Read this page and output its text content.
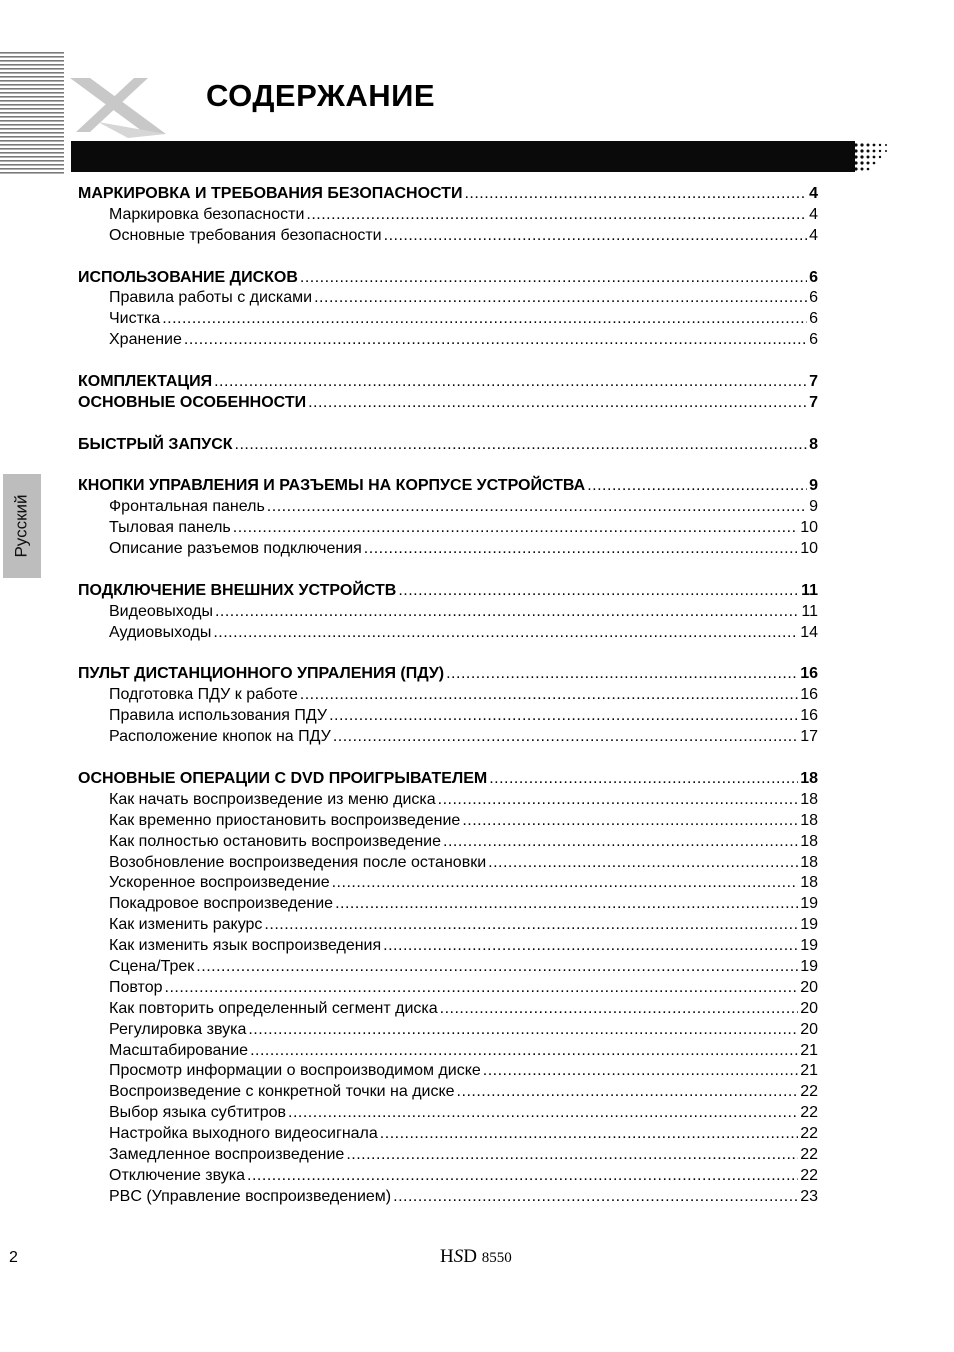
СОДЕРЖАНИЕ
Русский
МАРКИРОВКА И ТРЕБОВАНИЯ БЕЗОПАСНОСТИ .....	4
Маркировка безопасности .....	4
Основные требования безопасности .....	4
ИСПОЛЬЗОВАНИЕ ДИСКОВ .....	6
Правила работы с дисками .....	6
Чистка .....	6
Хранение .....	6
КОМПЛЕКТАЦИЯ .....	7
ОСНОВНЫЕ ОСОБЕННОСТИ .....	7
БЫСТРЫЙ ЗАПУСК .....	8
КНОПКИ УПРАВЛЕНИЯ И РАЗЪЕМЫ НА КОРПУСЕ УСТРОЙСТВА .....	9
Фронтальная панель .....	9
Тыловая панель .....	10
Описание разъемов подключения .....	10
ПОДКЛЮЧЕНИЕ ВНЕШНИХ УСТРОЙСТВ .....	11
Видеовыходы .....	11
Аудиовыходы .....	14
ПУЛЬТ ДИСТАНЦИОННОГО УПРАЛЕНИЯ (ПДУ) .....	16
Подготовка ПДУ к работе .....	16
Правила использования ПДУ .....	16
Расположение кнопок на ПДУ .....	17
ОСНОВНЫЕ ОПЕРАЦИИ С DVD ПРОИГРЫВАТЕЛЕМ .....	18
Как начать воспроизведение из меню диска .....	18
Как временно приостановить воспроизведение .....	18
Как полностью остановить воспроизведение .....	18
Возобновление воспроизведения после остановки .....	18
Ускоренное воспроизведение .....	18
Покадровое воспроизведение .....	19
Как изменить ракурс .....	19
Как изменить язык воспроизведения .....	19
Сцена/Трек .....	19
Повтор .....	20
Как повторить определенный сегмент диска .....	20
Регулировка звука .....	20
Масштабирование .....	21
Просмотр информации о воспроизводимом диске .....	21
Воспроизведение с конкретной точки на диске .....	22
Выбор языка субтитров .....	22
Настройка выходного видеосигнала .....	22
Замедленное воспроизведение .....	22
Отключение звука .....	22
PBC (Управление воспроизведением) .....	23
2	HSD 8550
